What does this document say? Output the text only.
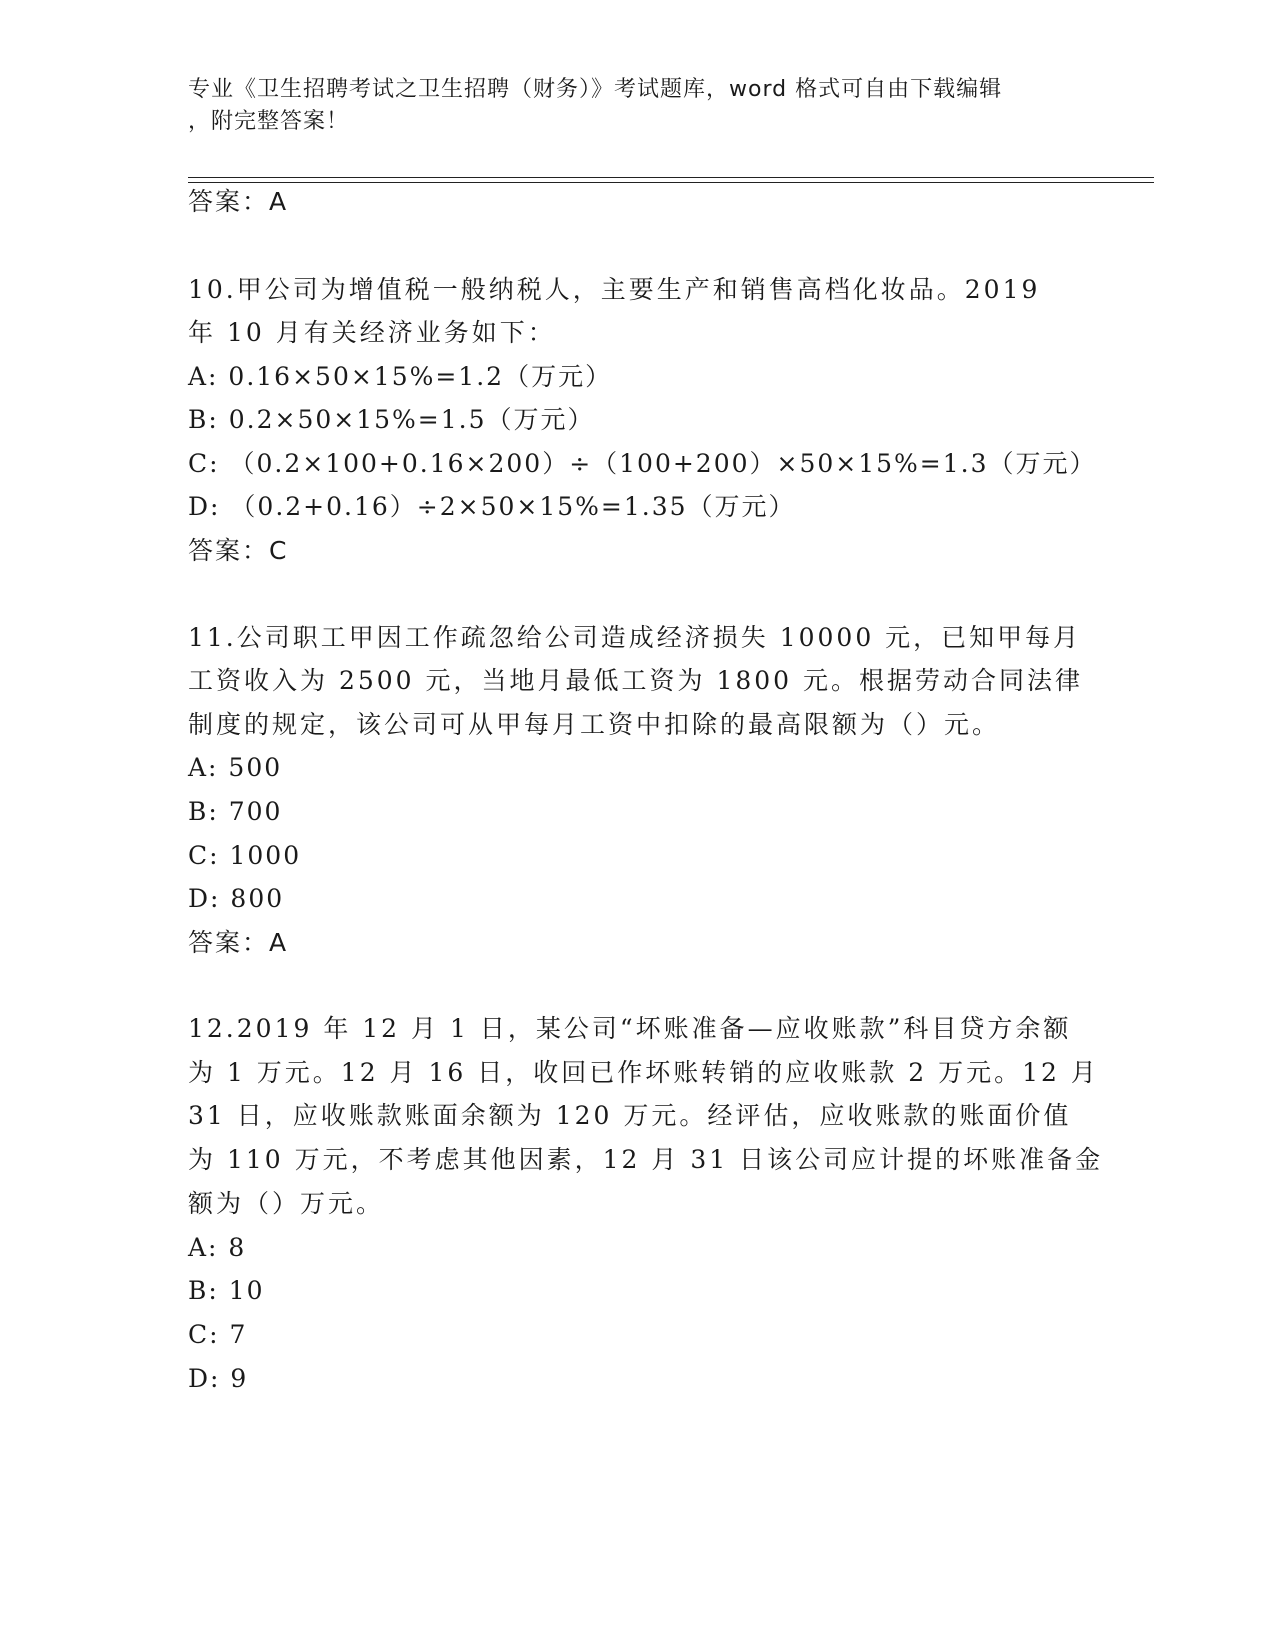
专业《卫生招聘考试之卫生招聘（财务）》考试题库，word 格式可自由下载编辑
，附完整答案！
答案：A
10.甲公司为增值税一般纳税人，主要生产和销售高档化妆品。2019
年 10 月有关经济业务如下：
A: 0.16×50×15%=1.2（万元）
B: 0.2×50×15%=1.5（万元）
C: （0.2×100+0.16×200）÷（100+200）×50×15%=1.3（万元）
D: （0.2+0.16）÷2×50×15%=1.35（万元）
答案：C
11.公司职工甲因工作疏忽给公司造成经济损失 10000 元，已知甲每月
工资收入为 2500 元，当地月最低工资为 1800 元。根据劳动合同法律
制度的规定，该公司可从甲每月工资中扣除的最高限额为（）元。
A: 500
B: 700
C: 1000
D: 800
答案：A
12.2019 年 12 月 1 日，某公司“坏账准备—应收账款”科目贷方余额
为 1 万元。12 月 16 日，收回已作坏账转销的应收账款 2 万元。12 月
31 日，应收账款账面余额为 120 万元。经评估，应收账款的账面价值
为 110 万元，不考虑其他因素，12 月 31 日该公司应计提的坏账准备金
额为（）万元。
A: 8
B: 10
C: 7
D: 9
